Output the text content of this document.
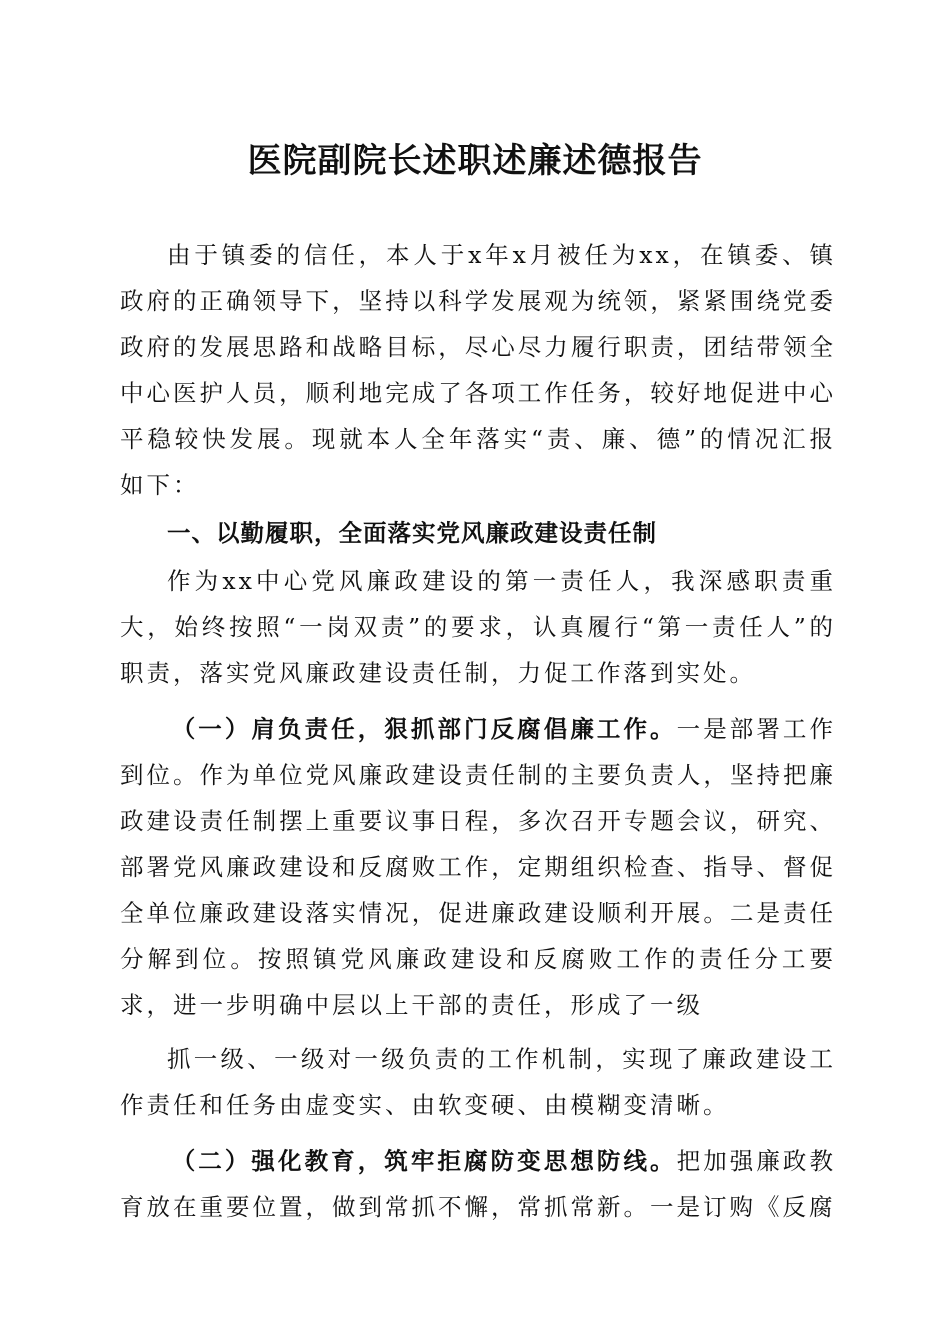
医院副院长述职述廉述德报告

由于镇委的信任，本人于x年x月被任为xx，在镇委、镇政府的正确领导下，坚持以科学发展观为统领，紧紧围绕党委政府的发展思路和战略目标，尽心尽力履行职责，团结带领全中心医护人员，顺利地完成了各项工作任务，较好地促进中心平稳较快发展。现就本人全年落实“责、廉、德”的情况汇报如下：

一、以勤履职，全面落实党风廉政建设责任制

作为xx中心党风廉政建设的第一责任人，我深感职责重大，始终按照“一岗双责”的要求，认真履行“第一责任人”的职责，落实党风廉政建设责任制，力促工作落到实处。

（一）肩负责任，狠抓部门反腐倡廉工作。一是部署工作到位。作为单位党风廉政建设责任制的主要负责人，坚持把廉政建设责任制摆上重要议事日程，多次召开专题会议，研究、部署党风廉政建设和反腐败工作，定期组织检查、指导、督促全单位廉政建设落实情况，促进廉政建设顺利开展。二是责任分解到位。按照镇党风廉政建设和反腐败工作的责任分工要求，进一步明确中层以上干部的责任，形成了一级

抓一级、一级对一级负责的工作机制，实现了廉政建设工作责任和任务由虚变实、由软变硬、由模糊变清晰。

（二）强化教育，筑牢拒腐防变思想防线。把加强廉政教育放在重要位置，做到常抓不懈，常抓常新。一是订购《反腐
